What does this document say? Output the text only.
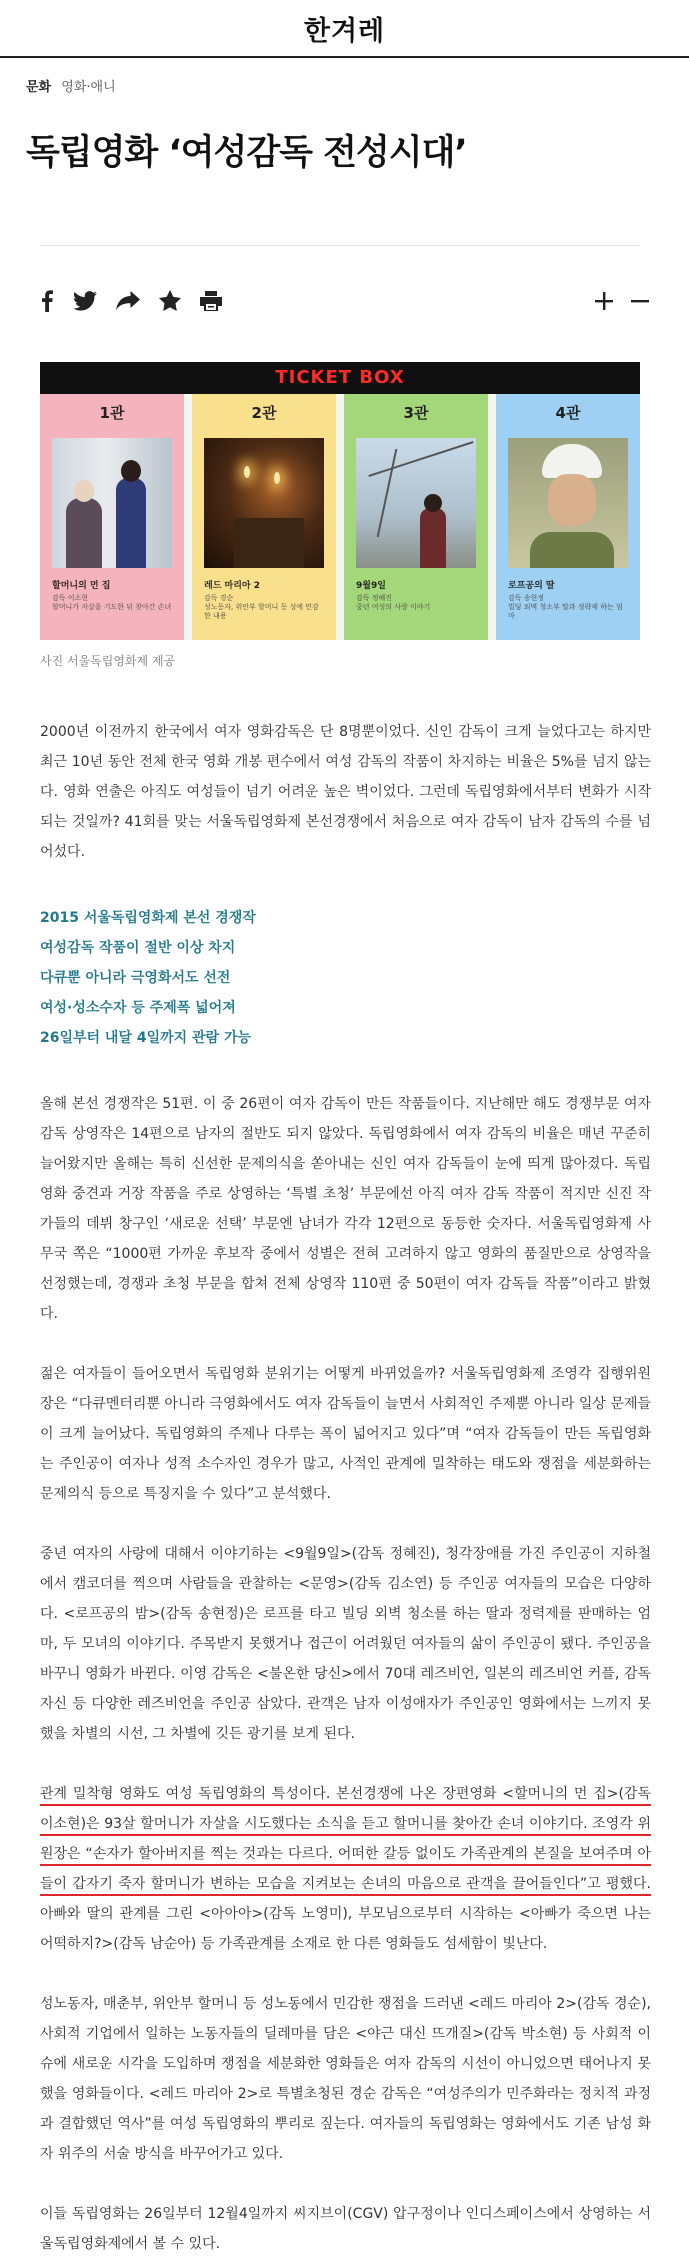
한겨레
문화 영화·애니
독립영화 ‘여성감독 전성시대’
TICKET BOX
1관
할머니의 먼 집
감독 이소현
할머니가 자살을 기도한 뒤 찾아간 손녀
2관
레드 마리아 2
감독 경순
성노동자, 위안부 할머니 등 성에 민감한 내용
3관
9월9일
감독 정혜진
중년 여성의 사랑 이야기
4관
로프공의 딸
감독 송현정
빌딩 외벽 청소부 딸과 정략제 하는 엄마
사진 서울독립영화제 제공

2000년 이전까지 한국에서 여자 영화감독은 단 8명뿐이었다. 신인 감독이 크게 늘었다고는 하지만 최근 10년 동안 전체 한국 영화 개봉 편수에서 여성 감독의 작품이 차지하는 비율은 5%를 넘지 않는다. 영화 연출은 아직도 여성들이 넘기 어려운 높은 벽이었다. 그런데 독립영화에서부터 변화가 시작되는 것일까? 41회를 맞는 서울독립영화제 본선경쟁에서 처음으로 여자 감독이 남자 감독의 수를 넘어섰다.

2015 서울독립영화제 본선 경쟁작
여성감독 작품이 절반 이상 차지
다큐뿐 아니라 극영화서도 선전
여성·성소수자 등 주제폭 넓어져
26일부터 내달 4일까지 관람 가능

올해 본선 경쟁작은 51편. 이 중 26편이 여자 감독이 만든 작품들이다. 지난해만 해도 경쟁부문 여자 감독 상영작은 14편으로 남자의 절반도 되지 않았다. 독립영화에서 여자 감독의 비율은 매년 꾸준히 늘어왔지만 올해는 특히 신선한 문제의식을 쏟아내는 신인 여자 감독들이 눈에 띄게 많아졌다. 독립영화 중견과 거장 작품을 주로 상영하는 ‘특별 초청’ 부문에선 아직 여자 감독 작품이 적지만 신진 작가들의 데뷔 창구인 ‘새로운 선택’ 부문엔 남녀가 각각 12편으로 동등한 숫자다. 서울독립영화제 사무국 쪽은 “1000편 가까운 후보작 중에서 성별은 전혀 고려하지 않고 영화의 품질만으로 상영작을 선정했는데, 경쟁과 초청 부문을 합쳐 전체 상영작 110편 중 50편이 여자 감독들 작품”이라고 밝혔다.

젊은 여자들이 들어오면서 독립영화 분위기는 어떻게 바뀌었을까? 서울독립영화제 조영각 집행위원장은 “다큐멘터리뿐 아니라 극영화에서도 여자 감독들이 늘면서 사회적인 주제뿐 아니라 일상 문제들이 크게 늘어났다. 독립영화의 주제나 다루는 폭이 넓어지고 있다”며 “여자 감독들이 만든 독립영화는 주인공이 여자나 성적 소수자인 경우가 많고, 사적인 관계에 밀착하는 태도와 쟁점을 세분화하는 문제의식 등으로 특징지을 수 있다”고 분석했다.

중년 여자의 사랑에 대해서 이야기하는 <9월9일>(감독 정혜진), 청각장애를 가진 주인공이 지하철에서 캠코더를 찍으며 사람들을 관찰하는 <문영>(감독 김소연) 등 주인공 여자들의 모습은 다양하다. <로프공의 밤>(감독 송현정)은 로프를 타고 빌딩 외벽 청소를 하는 딸과 정력제를 판매하는 엄마, 두 모녀의 이야기다. 주목받지 못했거나 접근이 어려웠던 여자들의 삶이 주인공이 됐다. 주인공을 바꾸니 영화가 바뀐다. 이영 감독은 <불온한 당신>에서 70대 레즈비언, 일본의 레즈비언 커플, 감독 자신 등 다양한 레즈비언을 주인공 삼았다. 관객은 남자 이성애자가 주인공인 영화에서는 느끼지 못했을 차별의 시선, 그 차별에 깃든 광기를 보게 된다.

관계 밀착형 영화도 여성 독립영화의 특성이다. 본선경쟁에 나온 장편영화 <할머니의 먼 집>(감독 이소현)은 93살 할머니가 자살을 시도했다는 소식을 듣고 할머니를 찾아간 손녀 이야기다. 조영각 위원장은 “손자가 할아버지를 찍는 것과는 다르다. 어떠한 갈등 없이도 가족관계의 본질을 보여주며 아들이 갑자기 죽자 할머니가 변하는 모습을 지켜보는 손녀의 마음으로 관객을 끌어들인다”고 평했다. 아빠와 딸의 관계를 그린 <아아아>(감독 노영미), 부모님으로부터 시작하는 <아빠가 죽으면 나는 어떡하지?>(감독 남순아) 등 가족관계를 소재로 한 다른 영화들도 섬세함이 빛난다.

성노동자, 매춘부, 위안부 할머니 등 성노동에서 민감한 쟁점을 드러낸 <레드 마리아 2>(감독 경순), 사회적 기업에서 일하는 노동자들의 딜레마를 담은 <야근 대신 뜨개질>(감독 박소현) 등 사회적 이슈에 새로운 시각을 도입하며 쟁점을 세분화한 영화들은 여자 감독의 시선이 아니었으면 태어나지 못했을 영화들이다. <레드 마리아 2>로 특별초청된 경순 감독은 “여성주의가 민주화라는 정치적 과정과 결합했던 역사”를 여성 독립영화의 뿌리로 짚는다. 여자들의 독립영화는 영화에서도 기존 남성 화자 위주의 서술 방식을 바꾸어가고 있다.

이들 독립영화는 26일부터 12월4일까지 씨지브이(CGV) 압구정이나 인디스페이스에서 상영하는 서울독립영화제에서 볼 수 있다.
